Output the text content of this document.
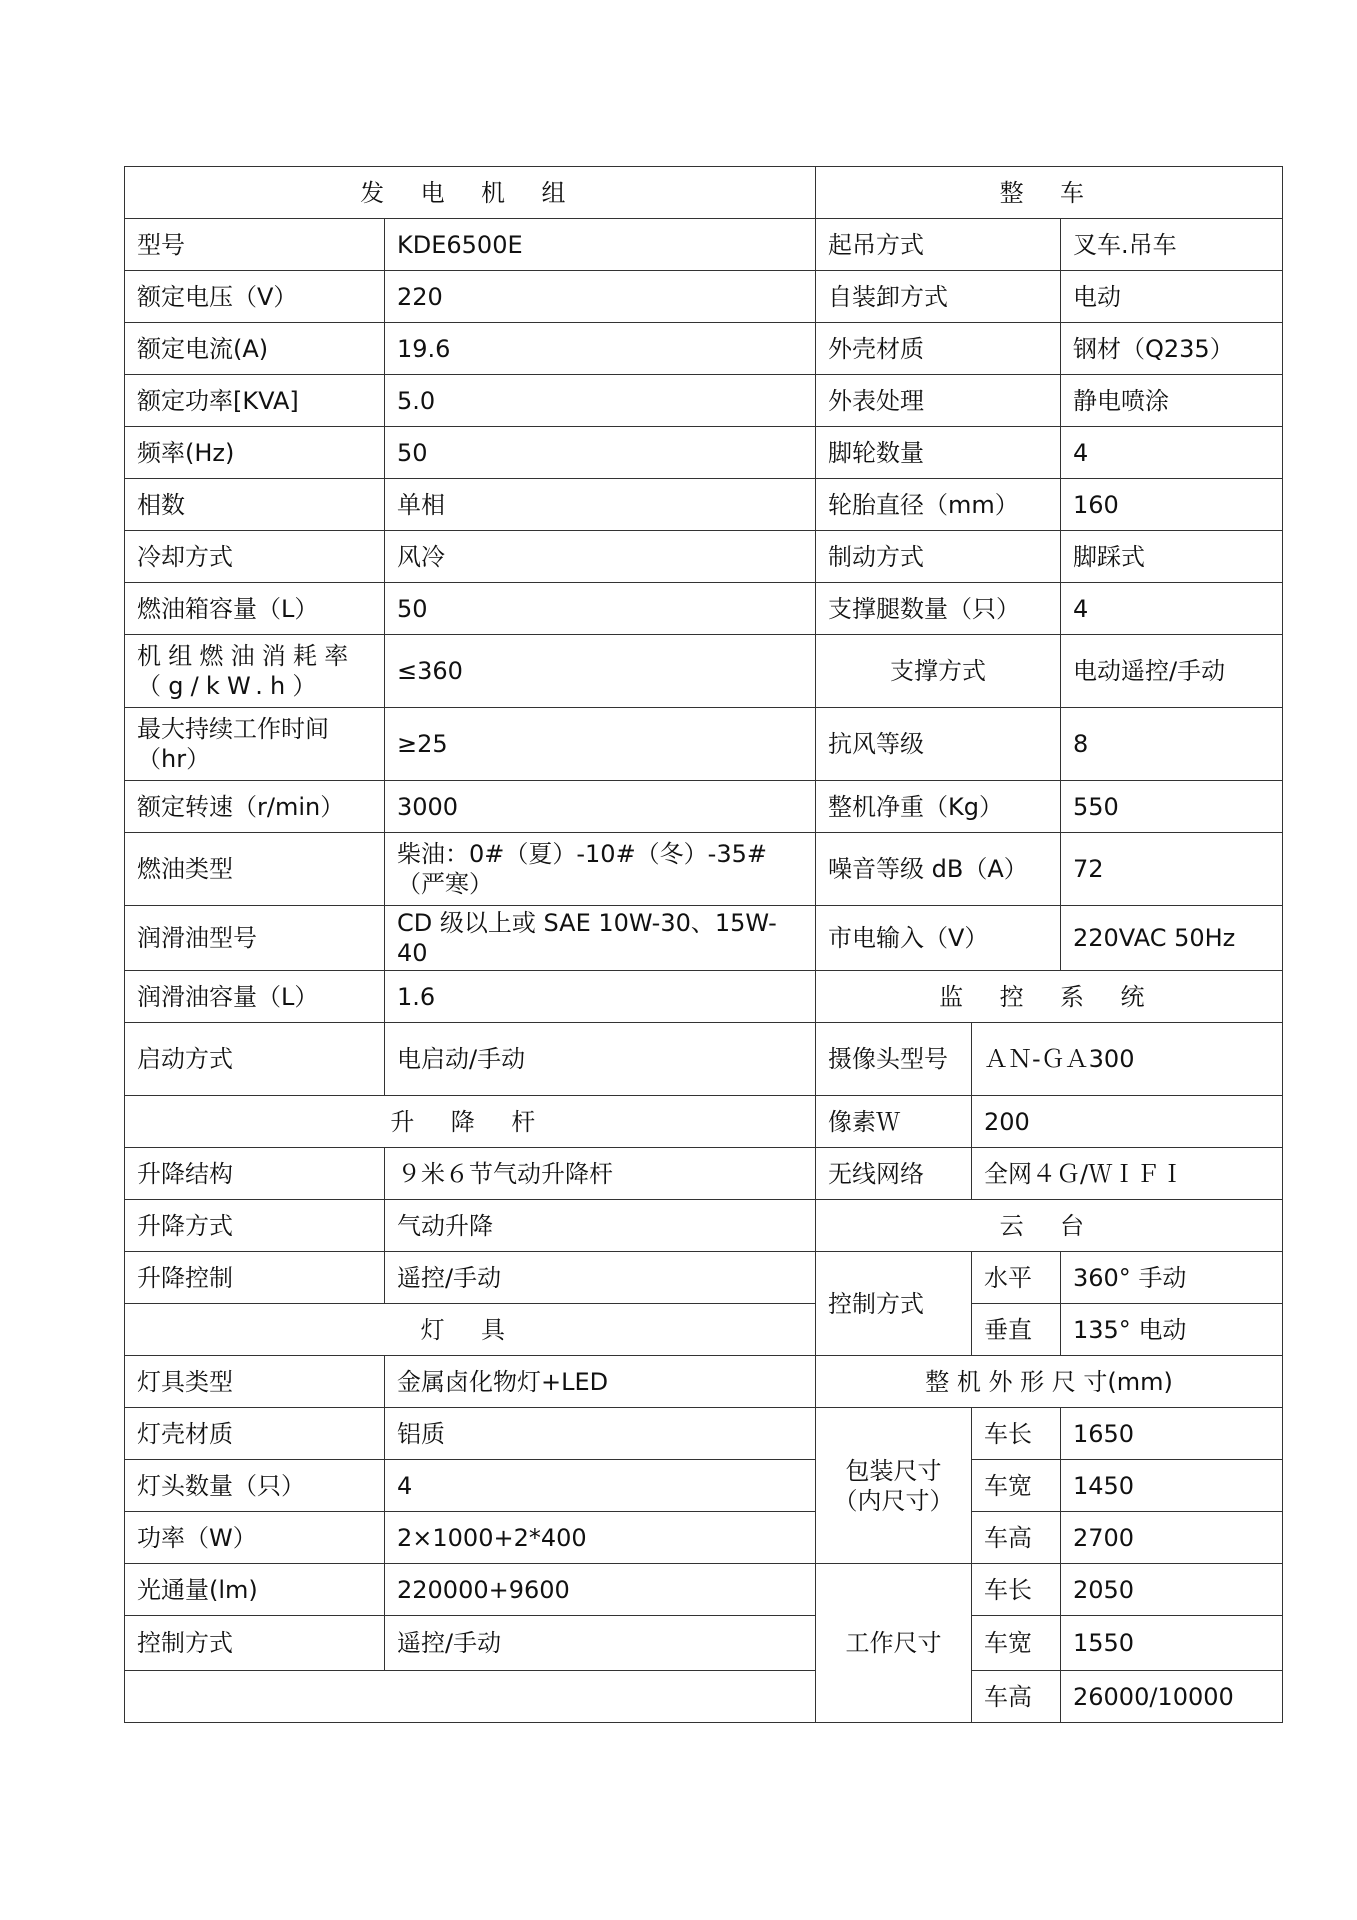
发 电 机 组		整 车		
型号	KDE6500E	起吊方式		叉车.吊车
额定电压（V）	220	自装卸方式		电动
额定电流(A)	19.6	外壳材质		钢材（Q235）
额定功率[KVA]	5.0	外表处理		静电喷涂
频率(Hz)	50	脚轮数量		4
相数	单相	轮胎直径（mm）		160
冷却方式	风冷	制动方式		脚踩式
燃油箱容量（L）	50	支撑腿数量（只）		4
机组燃油消耗率（g/kW.h）	≤360	支撑方式		电动遥控/手动
最大持续工作时间（hr）	≥25	抗风等级		8
额定转速（r/min）	3000	整机净重（Kg）		550
燃油类型	柴油：0#（夏）-10#（冬）-35#（严寒）	噪音等级 dB（A）		72
润滑油型号	CD 级以上或 SAE 10W-30、15W-40	市电输入（V）		220VAC 50Hz
润滑油容量（L）	1.6	监 控 系 统		
启动方式	电启动/手动	摄像头型号	ＡＮ-ＧＡ300	
升 降 杆		像素Ｗ	200	
升降结构	９米６节气动升降杆	无线网络	全网４Ｇ/ＷＩＦＩ	
升降方式	气动升降	云 台		
升降控制	遥控/手动	控制方式	水平	360° 手动
灯 具			垂直	135° 电动
灯具类型	金属卤化物灯+LED	整 机 外 形 尺 寸(mm)		
灯壳材质	铝质	包装尺寸（内尺寸）	车长	1650
灯头数量（只）	4		车宽	1450
功率（W）	2×1000+2*400		车高	2700
光通量(lm)	220000+9600	工作尺寸	车长	2050
控制方式	遥控/手动		车宽	1550
			车高	26000/10000
